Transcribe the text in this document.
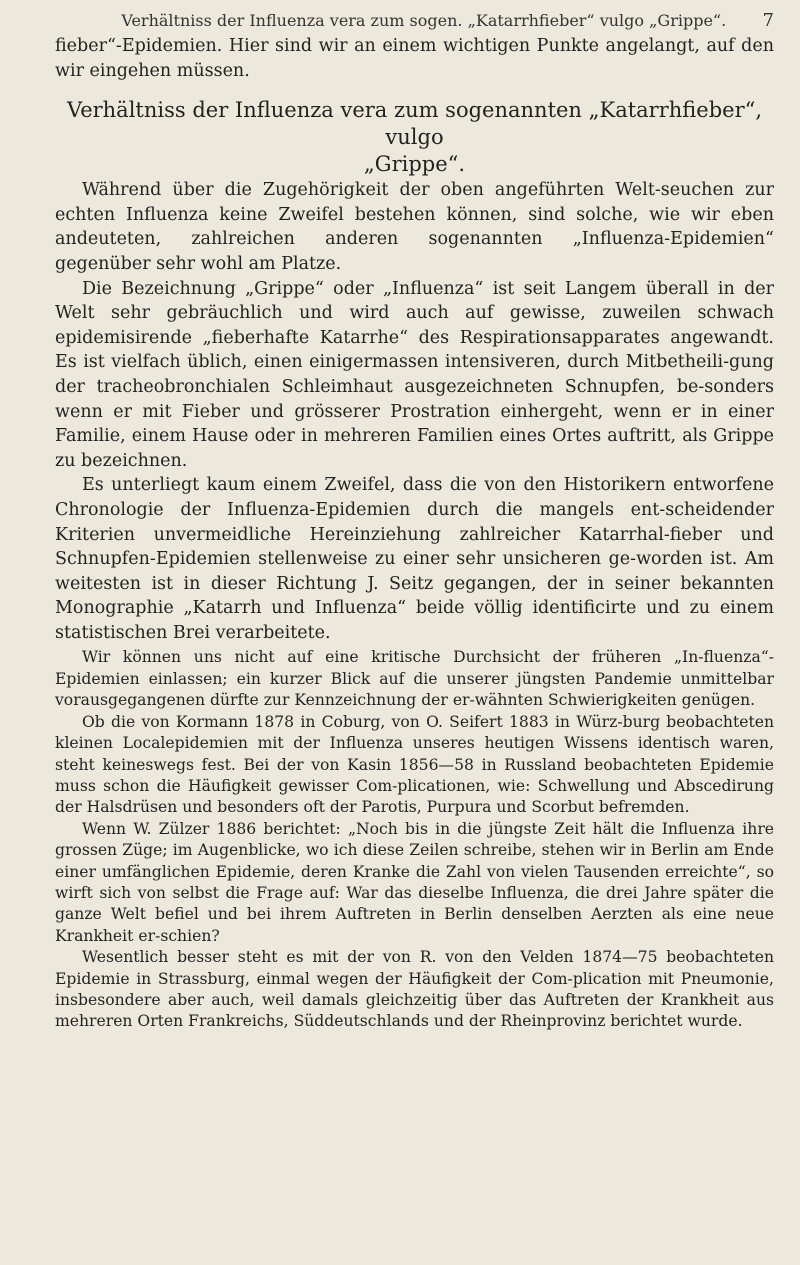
Verhältniss der Influenza vera zum sogen. „Katarrhfieber“ vulgo „Grippe“.	7

fieber“-Epidemien. Hier sind wir an einem wichtigen Punkte angelangt, auf den wir eingehen müssen.

Verhältniss der Influenza vera zum sogenannten „Katarrhfieber“, vulgo
„Grippe“.

Während über die Zugehörigkeit der oben angeführten Welt-seuchen zur echten Influenza keine Zweifel bestehen können, sind solche, wie wir eben andeuteten, zahlreichen anderen sogenannten „Influenza-Epidemien“ gegenüber sehr wohl am Platze.

Die Bezeichnung „Grippe“ oder „Influenza“ ist seit Langem überall in der Welt sehr gebräuchlich und wird auch auf gewisse, zuweilen schwach epidemisirende „fieberhafte Katarrhe“ des Respirationsapparates angewandt. Es ist vielfach üblich, einen einigermassen intensiveren, durch Mitbetheili-gung der tracheobronchialen Schleimhaut ausgezeichneten Schnupfen, be-sonders wenn er mit Fieber und grösserer Prostration einhergeht, wenn er in einer Familie, einem Hause oder in mehreren Familien eines Ortes auftritt, als Grippe zu bezeichnen.

Es unterliegt kaum einem Zweifel, dass die von den Historikern entworfene Chronologie der Influenza-Epidemien durch die mangels ent-scheidender Kriterien unvermeidliche Hereinziehung zahlreicher Katarrhal-fieber und Schnupfen-Epidemien stellenweise zu einer sehr unsicheren ge-worden ist. Am weitesten ist in dieser Richtung J. Seitz gegangen, der in seiner bekannten Monographie „Katarrh und Influenza“ beide völlig identificirte und zu einem statistischen Brei verarbeitete.

Wir können uns nicht auf eine kritische Durchsicht der früheren „In-fluenza“-Epidemien einlassen; ein kurzer Blick auf die unserer jüngsten Pandemie unmittelbar vorausgegangenen dürfte zur Kennzeichnung der er-wähnten Schwierigkeiten genügen.

Ob die von Kormann 1878 in Coburg, von O. Seifert 1883 in Würz-burg beobachteten kleinen Localepidemien mit der Influenza unseres heutigen Wissens identisch waren, steht keineswegs fest. Bei der von Kasin 1856—58 in Russland beobachteten Epidemie muss schon die Häufigkeit gewisser Com-plicationen, wie: Schwellung und Abscedirung der Halsdrüsen und besonders oft der Parotis, Purpura und Scorbut befremden.

Wenn W. Zülzer 1886 berichtet: „Noch bis in die jüngste Zeit hält die Influenza ihre grossen Züge; im Augenblicke, wo ich diese Zeilen schreibe, stehen wir in Berlin am Ende einer umfänglichen Epidemie, deren Kranke die Zahl von vielen Tausenden erreichte“, so wirft sich von selbst die Frage auf: War das dieselbe Influenza, die drei Jahre später die ganze Welt befiel und bei ihrem Auftreten in Berlin denselben Aerzten als eine neue Krankheit er-schien?

Wesentlich besser steht es mit der von R. von den Velden 1874—75 beobachteten Epidemie in Strassburg, einmal wegen der Häufigkeit der Com-plication mit Pneumonie, insbesondere aber auch, weil damals gleichzeitig über das Auftreten der Krankheit aus mehreren Orten Frankreichs, Süddeutschlands und der Rheinprovinz berichtet wurde.
